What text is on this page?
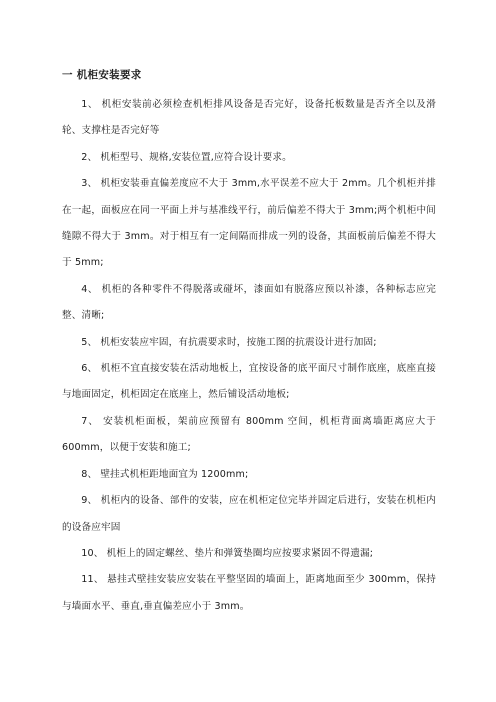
一 机柜安装要求

1、 机柜安装前必须检查机柜排风设备是否完好，设备托板数量是否齐全以及滑轮、支撑柱是否完好等

2、 机柜型号、规格,安装位置,应符合设计要求。

3、 机柜安装垂直偏差度应不大于 3mm,水平误差不应大于 2mm。几个机柜并排在一起，面板应在同一平面上并与基准线平行，前后偏差不得大于 3mm;两个机柜中间缝隙不得大于 3mm。对于相互有一定间隔而排成一列的设备，其面板前后偏差不得大于 5mm;

4、 机柜的各种零件不得脱落或碰坏，漆面如有脱落应预以补漆，各种标志应完整、清晰;

5、 机柜安装应牢固，有抗震要求时，按施工图的抗震设计进行加固;

6、 机柜不宜直接安装在活动地板上，宜按设备的底平面尺寸制作底座，底座直接与地面固定，机柜固定在底座上，然后铺设活动地板;

7、 安装机柜面板，架前应预留有 800mm 空间，机柜背面离墙距离应大于 600mm，以便于安装和施工;

8、 壁挂式机柜距地面宜为 1200mm;

9、 机柜内的设备、部件的安装，应在机柜定位完毕并固定后进行，安装在机柜内的设备应牢固

10、 机柜上的固定螺丝、垫片和弹簧垫圈均应按要求紧固不得遗漏;

11、 悬挂式壁挂安装应安装在平整坚固的墙面上，距离地面至少 300mm，保持与墙面水平、垂直,垂直偏差应小于 3mm。
